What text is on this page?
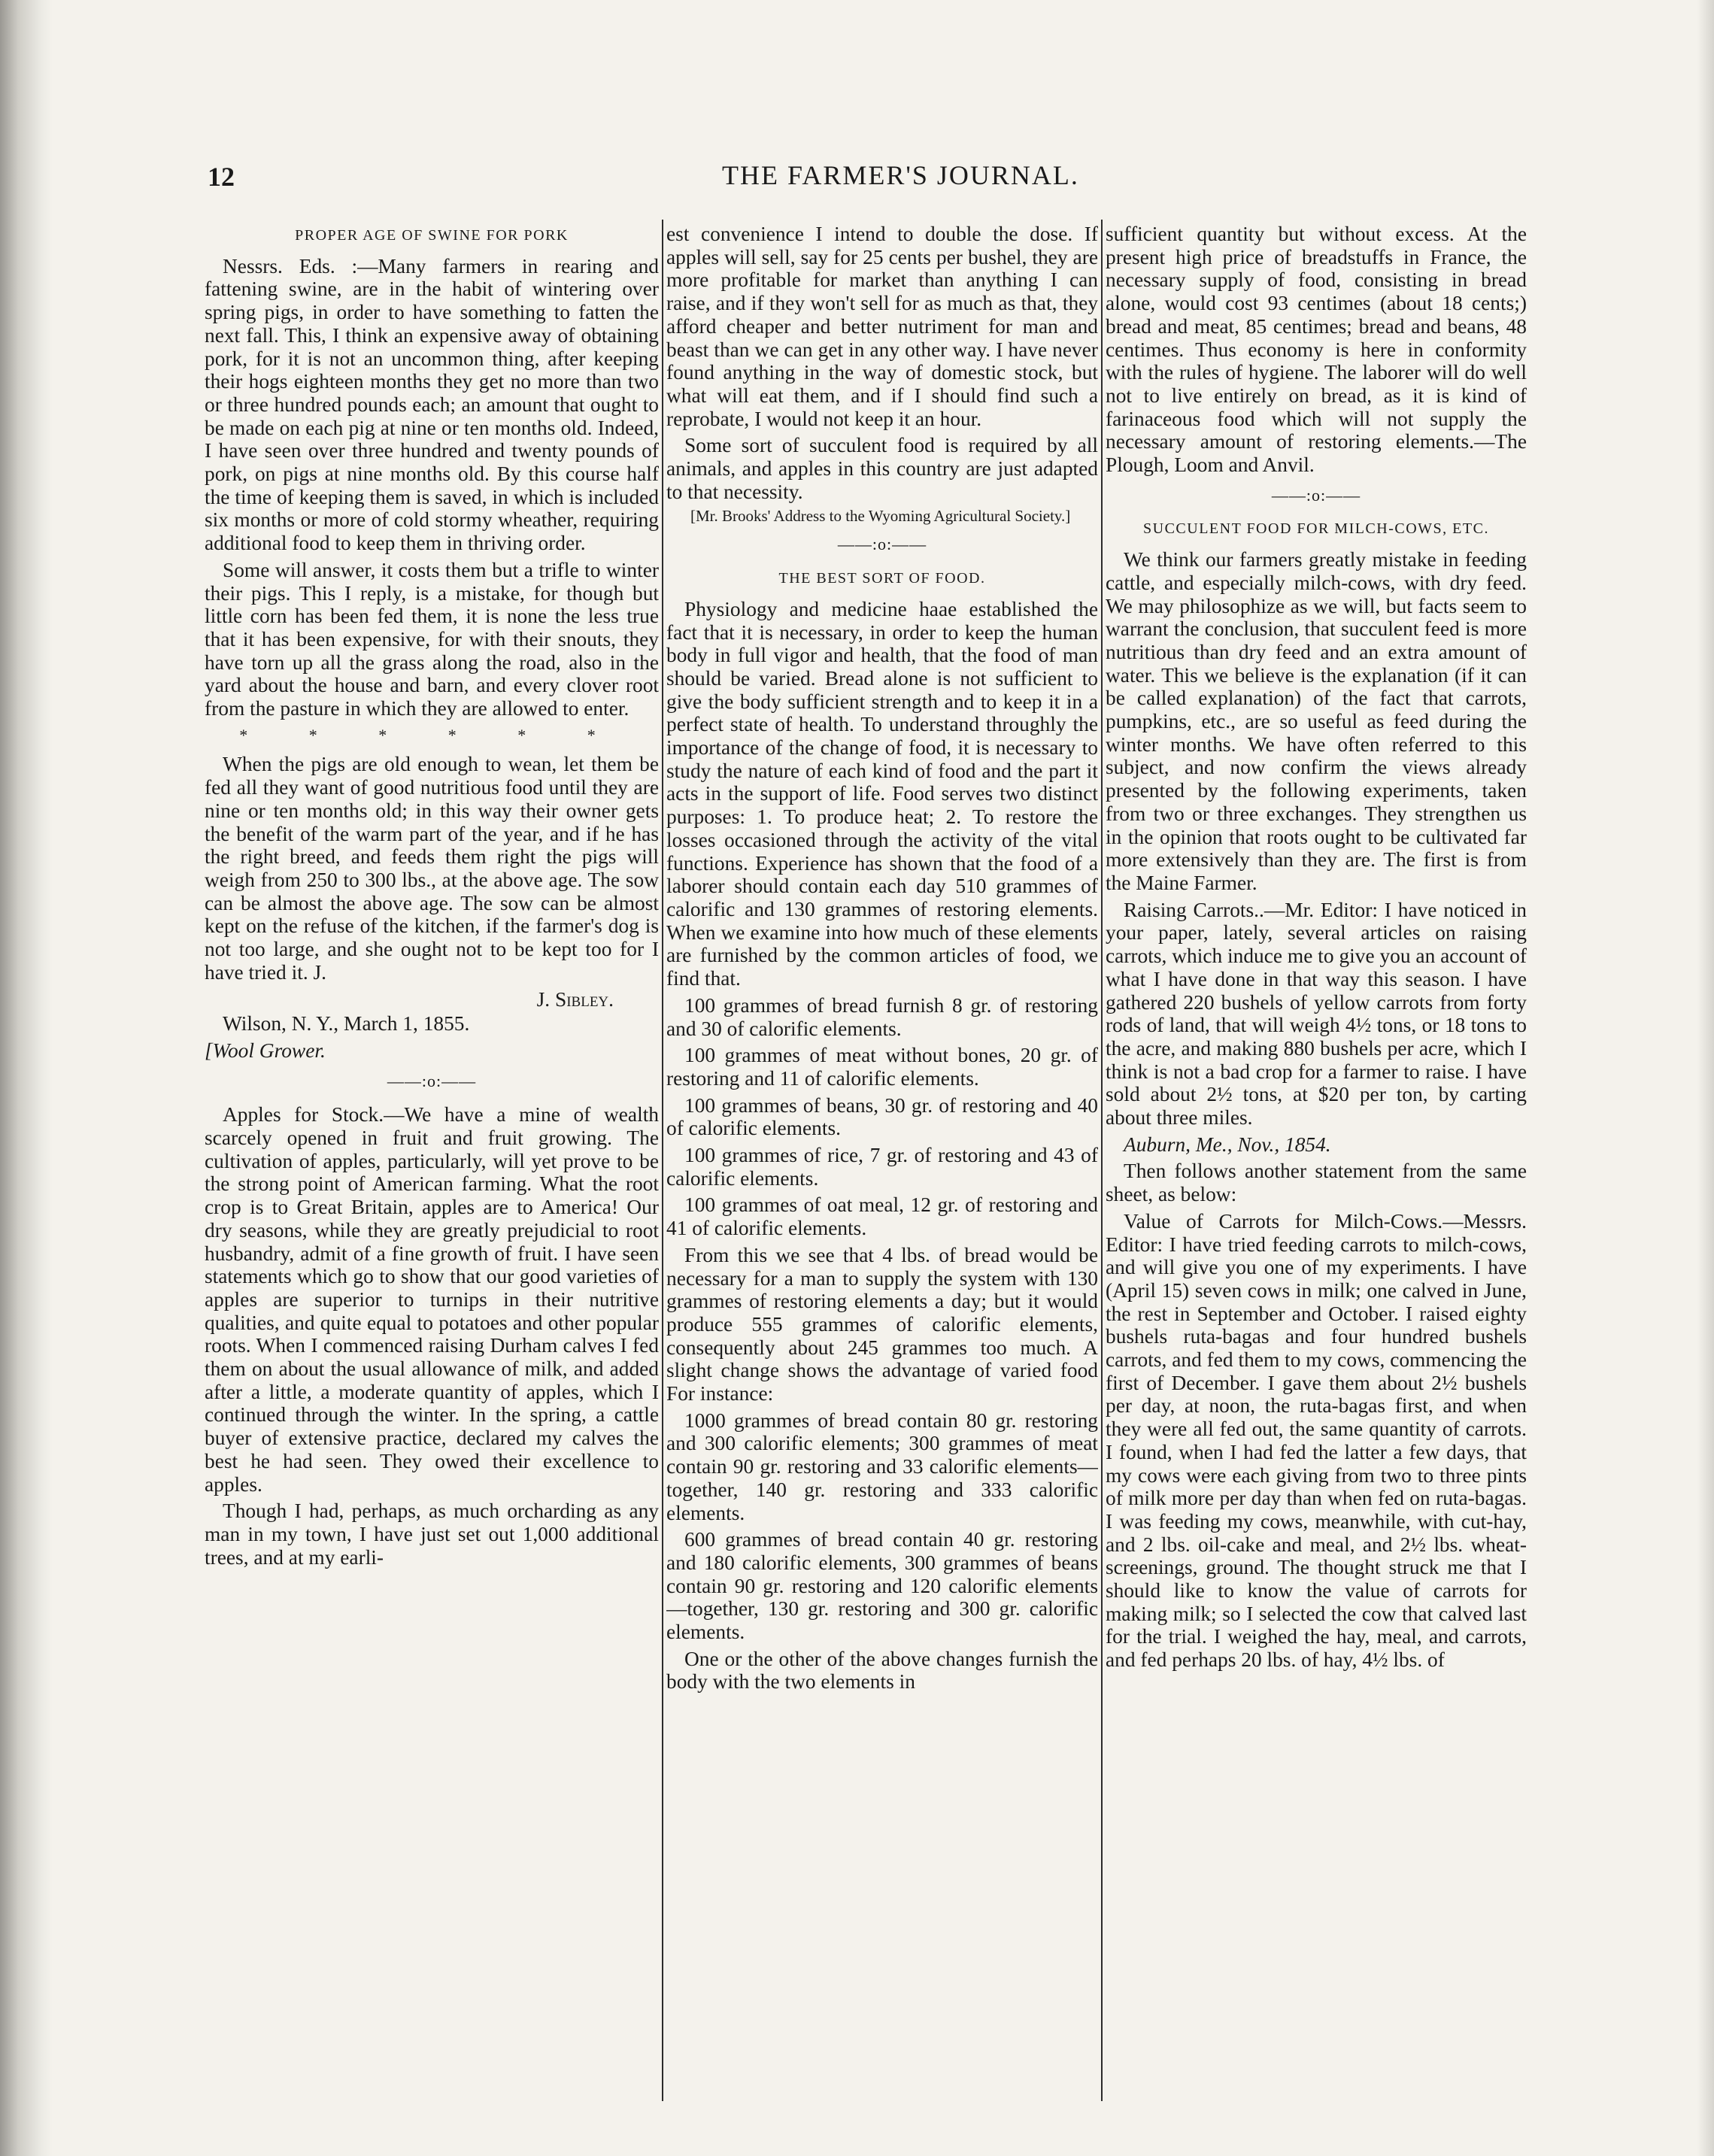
12	THE FARMER'S JOURNAL.
PROPER AGE OF SWINE FOR PORK

Nessrs. Eds. :—Many farmers in rearing and fattening swine, are in the habit of wintering over spring pigs, in order to have something to fatten the next fall. This, I think an expensive away of obtaining pork, for it is not an uncommon thing, after keeping their hogs eighteen months they get no more than two or three hundred pounds each; an amount that ought to be made on each pig at nine or ten months old. Indeed, I have seen over three hundred and twenty pounds of pork, on pigs at nine months old. By this course half the time of keeping them is saved, in which is included six months or more of cold stormy wheather, requiring additional food to keep them in thriving order.

Some will answer, it costs them but a trifle to winter their pigs. This I reply, is a mistake, for though but little corn has been fed them, it is none the less true that it has been expensive, for with their snouts, they have torn up all the grass along the road, also in the yard about the house and barn, and every clover root from the pasture in which they are allowed to enter.

* * * * * *

When the pigs are old enough to wean, let them be fed all they want of good nutritious food until they are nine or ten months old; in this way their owner gets the benefit of the warm part of the year, and if he has the right breed, and feeds them right the pigs will weigh from 250 to 300 lbs., at the above age. The sow can be almost the above age. The sow can be almost kept on the refuse of the kitchen, if the farmer's dog is not too large, and she ought not to be kept too for I have tried it. J.

J. Sibley.

Wilson, N. Y., March 1, 1855.

[Wool Grower.

——:o:——

Apples for Stock.—We have a mine of wealth scarcely opened in fruit and fruit growing. The cultivation of apples, particularly, will yet prove to be the strong point of American farming. What the root crop is to Great Britain, apples are to America! Our dry seasons, while they are greatly prejudicial to root husbandry, admit of a fine growth of fruit. I have seen statements which go to show that our good varieties of apples are superior to turnips in their nutritive qualities, and quite equal to potatoes and other popular roots. When I commenced raising Durham calves I fed them on about the usual allowance of milk, and added after a little, a moderate quantity of apples, which I continued through the winter. In the spring, a cattle buyer of extensive practice, declared my calves the best he had seen. They owed their excellence to apples.

Though I had, perhaps, as much orcharding as any man in my town, I have just set out 1,000 additional trees, and at my earli-

est convenience I intend to double the dose. If apples will sell, say for 25 cents per bushel, they are more profitable for market than anything I can raise, and if they won't sell for as much as that, they afford cheaper and better nutriment for man and beast than we can get in any other way. I have never found anything in the way of domestic stock, but what will eat them, and if I should find such a reprobate, I would not keep it an hour.

Some sort of succulent food is required by all animals, and apples in this country are just adapted to that necessity.

[Mr. Brooks' Address to the Wyoming Agricultural Society.]

——:o:——
THE BEST SORT OF FOOD.

Physiology and medicine haae established the fact that it is necessary, in order to keep the human body in full vigor and health, that the food of man should be varied. Bread alone is not sufficient to give the body sufficient strength and to keep it in a perfect state of health. To understand throughly the importance of the change of food, it is necessary to study the nature of each kind of food and the part it acts in the support of life. Food serves two distinct purposes: 1. To produce heat; 2. To restore the losses occasioned through the activity of the vital functions. Experience has shown that the food of a laborer should contain each day 510 grammes of calorific and 130 grammes of restoring elements. When we examine into how much of these elements are furnished by the common articles of food, we find that.

100 grammes of bread furnish 8 gr. of restoring and 30 of calorific elements.

100 grammes of meat without bones, 20 gr. of restoring and 11 of calorific elements.

100 grammes of beans, 30 gr. of restoring and 40 of calorific elements.

100 grammes of rice, 7 gr. of restoring and 43 of calorific elements.

100 grammes of oat meal, 12 gr. of restoring and 41 of calorific elements.

From this we see that 4 lbs. of bread would be necessary for a man to supply the system with 130 grammes of restoring elements a day; but it would produce 555 grammes of calorific elements, consequently about 245 grammes too much. A slight change shows the advantage of varied food For instance:

1000 grammes of bread contain 80 gr. restoring and 300 calorific elements; 300 grammes of meat contain 90 gr. restoring and 33 calorific elements—together, 140 gr. restoring and 333 calorific elements.

600 grammes of bread contain 40 gr. restoring and 180 calorific elements, 300 grammes of beans contain 90 gr. restoring and 120 calorific elements—together, 130 gr. restoring and 300 gr. calorific elements.

One or the other of the above changes furnish the body with the two elements in

sufficient quantity but without excess. At the present high price of breadstuffs in France, the necessary supply of food, consisting in bread alone, would cost 93 centimes (about 18 cents;) bread and meat, 85 centimes; bread and beans, 48 centimes. Thus economy is here in conformity with the rules of hygiene. The laborer will do well not to live entirely on bread, as it is kind of farinaceous food which will not supply the necessary amount of restoring elements.—The Plough, Loom and Anvil.

——:o:——
SUCCULENT FOOD FOR MILCH-COWS, ETC.

We think our farmers greatly mistake in feeding cattle, and especially milch-cows, with dry feed. We may philosophize as we will, but facts seem to warrant the conclusion, that succulent feed is more nutritious than dry feed and an extra amount of water. This we believe is the explanation (if it can be called explanation) of the fact that carrots, pumpkins, etc., are so useful as feed during the winter months. We have often referred to this subject, and now confirm the views already presented by the following experiments, taken from two or three exchanges. They strengthen us in the opinion that roots ought to be cultivated far more extensively than they are. The first is from the Maine Farmer.

Raising Carrots..—Mr. Editor: I have noticed in your paper, lately, several articles on raising carrots, which induce me to give you an account of what I have done in that way this season. I have gathered 220 bushels of yellow carrots from forty rods of land, that will weigh 4½ tons, or 18 tons to the acre, and making 880 bushels per acre, which I think is not a bad crop for a farmer to raise. I have sold about 2½ tons, at $20 per ton, by carting about three miles.

Auburn, Me., Nov., 1854.

Then follows another statement from the same sheet, as below:

Value of Carrots for Milch-Cows.—Messrs. Editor: I have tried feeding carrots to milch-cows, and will give you one of my experiments. I have (April 15) seven cows in milk; one calved in June, the rest in September and October. I raised eighty bushels ruta-bagas and four hundred bushels carrots, and fed them to my cows, commencing the first of December. I gave them about 2½ bushels per day, at noon, the ruta-bagas first, and when they were all fed out, the same quantity of carrots. I found, when I had fed the latter a few days, that my cows were each giving from two to three pints of milk more per day than when fed on ruta-bagas. I was feeding my cows, meanwhile, with cut-hay, and 2 lbs. oil-cake and meal, and 2½ lbs. wheat-screenings, ground. The thought struck me that I should like to know the value of carrots for making milk; so I selected the cow that calved last for the trial. I weighed the hay, meal, and carrots, and fed perhaps 20 lbs. of hay, 4½ lbs. of
